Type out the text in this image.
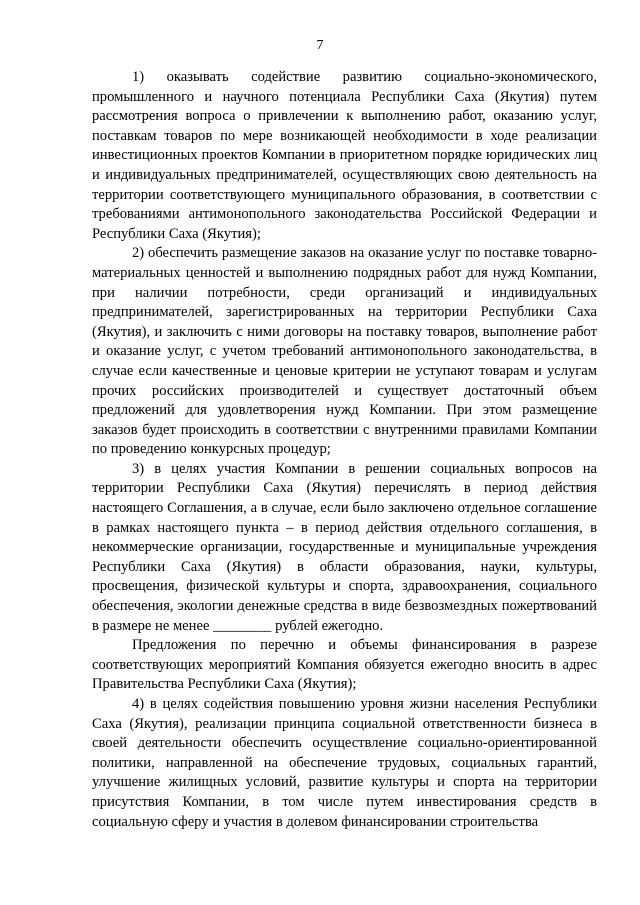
7

1) оказывать содействие развитию социально-экономического, промышленного и научного потенциала Республики Саха (Якутия) путем рассмотрения вопроса о привлечении к выполнению работ, оказанию услуг, поставкам товаров по мере возникающей необходимости в ходе реализации инвестиционных проектов Компании в приоритетном порядке юридических лиц и индивидуальных предпринимателей, осуществляющих свою деятельность на территории соответствующего муниципального образования, в соответствии с требованиями антимонопольного законодательства Российской Федерации и Республики Саха (Якутия);

2) обеспечить размещение заказов на оказание услуг по поставке товарно-материальных ценностей и выполнению подрядных работ для нужд Компании, при наличии потребности, среди организаций и индивидуальных предпринимателей, зарегистрированных на территории Республики Саха (Якутия), и заключить с ними договоры на поставку товаров, выполнение работ и оказание услуг, с учетом требований антимонопольного законодательства, в случае если качественные и ценовые критерии не уступают товарам и услугам прочих российских производителей и существует достаточный объем предложений для удовлетворения нужд Компании. При этом размещение заказов будет происходить в соответствии с внутренними правилами Компании по проведению конкурсных процедур;

3) в целях участия Компании в решении социальных вопросов на территории Республики Саха (Якутия) перечислять в период действия настоящего Соглашения, а в случае, если было заключено отдельное соглашение в рамках настоящего пункта – в период действия отдельного соглашения, в некоммерческие организации, государственные и муниципальные учреждения Республики Саха (Якутия) в области образования, науки, культуры, просвещения, физической культуры и спорта, здравоохранения, социального обеспечения, экологии денежные средства в виде безвозмездных пожертвований в размере не менее ________ рублей ежегодно.

Предложения по перечню и объемы финансирования в разрезе соответствующих мероприятий Компания обязуется ежегодно вносить в адрес Правительства Республики Саха (Якутия);

4) в целях содействия повышению уровня жизни населения Республики Саха (Якутия), реализации принципа социальной ответственности бизнеса в своей деятельности обеспечить осуществление социально-ориентированной политики, направленной на обеспечение трудовых, социальных гарантий, улучшение жилищных условий, развитие культуры и спорта на территории присутствия Компании, в том числе путем инвестирования средств в социальную сферу и участия в долевом финансировании строительства
